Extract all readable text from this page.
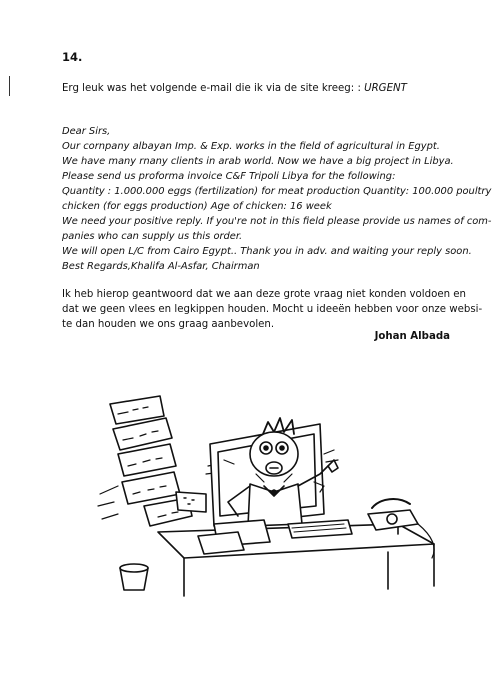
14.
Erg leuk was het volgende e-mail die ik via de site kreeg: : URGENT
Dear Sirs,
Our cornpany albayan Imp. & Exp. works in the field of agricultural in Egypt.
We have many rnany clients in arab world. Now we have a big project in Libya.
Please send us proforma invoice C&F Tripoli Libya for the following:
Quantity : 1.000.000 eggs (fertilization) for meat production Quantity: 100.000 poultry
chicken (for eggs production) Age of chicken: 16 week
We need your positive reply. If you're not in this field please provide us names of com-
panies who can supply us this order.
We will open L/C from Cairo Egypt.. Thank you in adv. and waiting your reply soon.
Best Regards,Khalifa Al-Asfar, Chairman
Ik heb hierop geantwoord dat we aan deze grote vraag niet konden voldoen en
dat we geen vlees en legkippen houden. Mocht u ideeën hebben voor onze websi-
te dan houden we ons graag aanbevolen.
Johan Albada
